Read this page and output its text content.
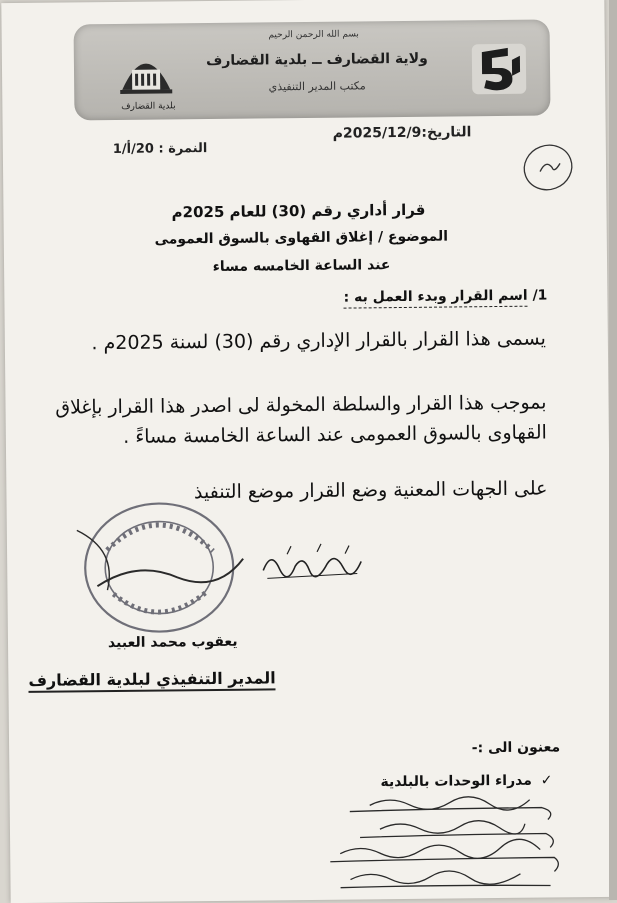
بسم الله الرحمن الرحيم
ولاية القضارف ــ بلدية القضارف
مكتب المدير التنفيذي
بلدية القضارف
التاريخ:2025/12/9م
النمرة : 20/أ/1
قرار أداري رقم (30) للعام 2025م
الموضوع / إغلاق القهاوى بالسوق العمومى
عند الساعة الخامسه مساء
1/ اسم القرار وبدء العمل به :
يسمى هذا القرار بالقرار الإداري رقم (30) لسنة 2025م .
بموجب هذا القرار والسلطة المخولة لى اصدر هذا القرار بإغلاق القهاوى بالسوق العمومى عند الساعة الخامسة مساءً .
على الجهات المعنية وضع القرار موضع التنفيذ
يعقوب محمد العبيد
المدير التنفيذي لبلدية القضارف
معنون الى :-
✓ مدراء الوحدات بالبلدية
